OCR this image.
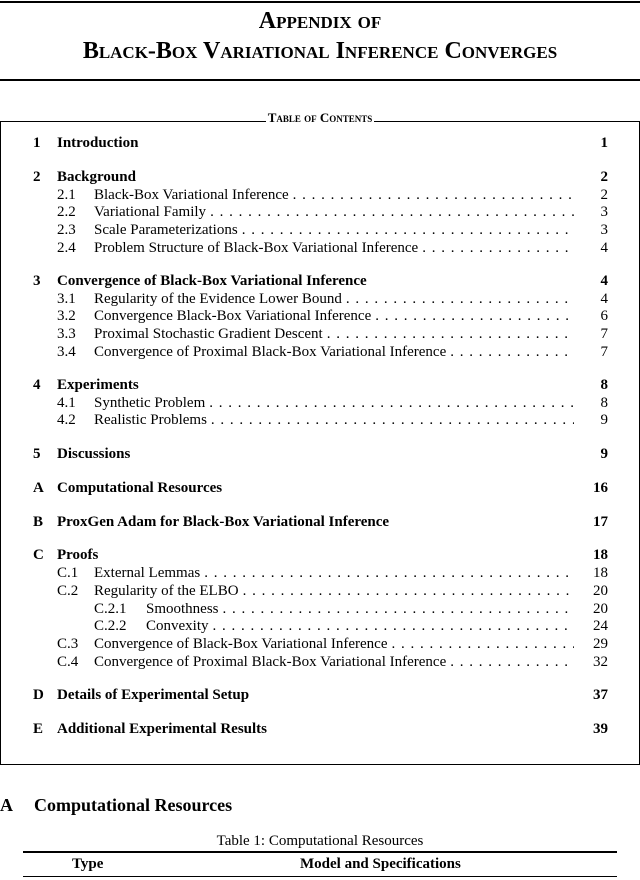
Appendix of
Black-Box Variational Inference Converges
Table of Contents
1 Introduction	1
2 Background	2
2.1 Black-Box Variational Inference . . .	2
2.2 Variational Family . . .	3
2.3 Scale Parameterizations . . .	3
2.4 Problem Structure of Black-Box Variational Inference . . .	4
3 Convergence of Black-Box Variational Inference	4
3.1 Regularity of the Evidence Lower Bound . . .	4
3.2 Convergence Black-Box Variational Inference . . .	6
3.3 Proximal Stochastic Gradient Descent . . .	7
3.4 Convergence of Proximal Black-Box Variational Inference . . .	7
4 Experiments	8
4.1 Synthetic Problem . . .	8
4.2 Realistic Problems . . .	9
5 Discussions	9
A Computational Resources	16
B ProxGen Adam for Black-Box Variational Inference	17
C Proofs	18
C.1 External Lemmas . . .	18
C.2 Regularity of the ELBO . . .	20
C.2.1 Smoothness . . .	20
C.2.2 Convexity . . .	24
C.3 Convergence of Black-Box Variational Inference . . .	29
C.4 Convergence of Proximal Black-Box Variational Inference . . .	32
D Details of Experimental Setup	37
E Additional Experimental Results	39
A Computational Resources
Table 1: Computational Resources
Type	Model and Specifications
